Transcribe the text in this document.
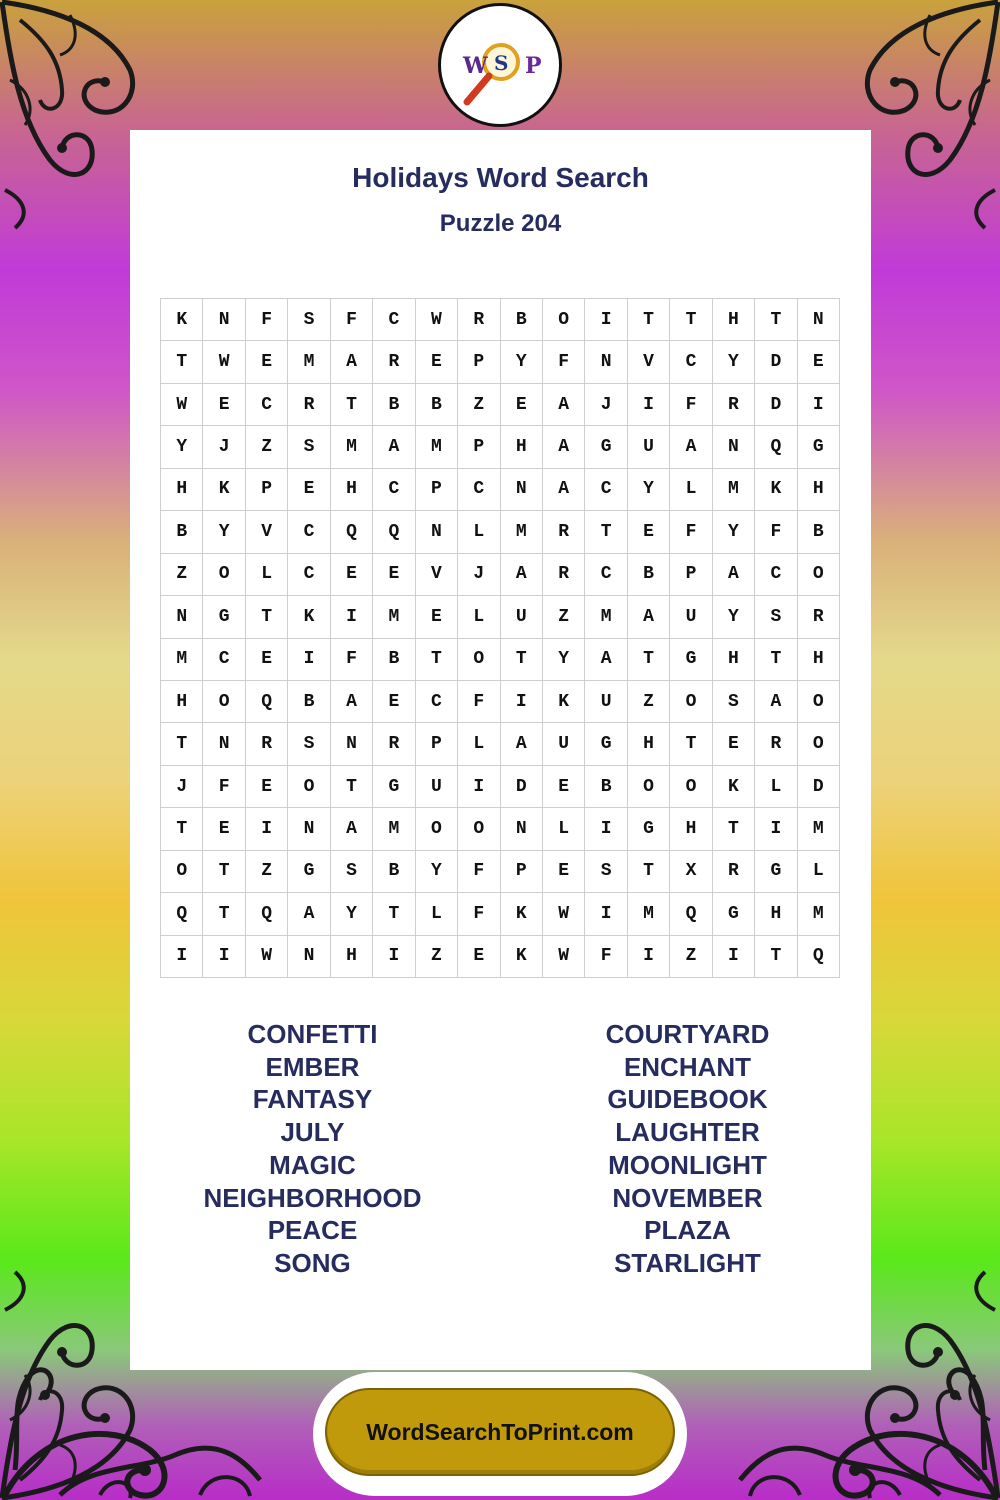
W S P
Holidays Word Search
Puzzle 204
K	N	F	S	F	C	W	R	B	O	I	T	T	H	T	N
T	W	E	M	A	R	E	P	Y	F	N	V	C	Y	D	E
W	E	C	R	T	B	B	Z	E	A	J	I	F	R	D	I
Y	J	Z	S	M	A	M	P	H	A	G	U	A	N	Q	G
H	K	P	E	H	C	P	C	N	A	C	Y	L	M	K	H
B	Y	V	C	Q	Q	N	L	M	R	T	E	F	Y	F	B
Z	O	L	C	E	E	V	J	A	R	C	B	P	A	C	O
N	G	T	K	I	M	E	L	U	Z	M	A	U	Y	S	R
M	C	E	I	F	B	T	O	T	Y	A	T	G	H	T	H
H	O	Q	B	A	E	C	F	I	K	U	Z	O	S	A	O
T	N	R	S	N	R	P	L	A	U	G	H	T	E	R	O
J	F	E	O	T	G	U	I	D	E	B	O	O	K	L	D
T	E	I	N	A	M	O	O	N	L	I	G	H	T	I	M
O	T	Z	G	S	B	Y	F	P	E	S	T	X	R	G	L
Q	T	Q	A	Y	T	L	F	K	W	I	M	Q	G	H	M
I	I	W	N	H	I	Z	E	K	W	F	I	Z	I	T	Q
CONFETTI
EMBER
FANTASY
JULY
MAGIC
NEIGHBORHOOD
PEACE
SONG
COURTYARD
ENCHANT
GUIDEBOOK
LAUGHTER
MOONLIGHT
NOVEMBER
PLAZA
STARLIGHT
WordSearchToPrint.com
